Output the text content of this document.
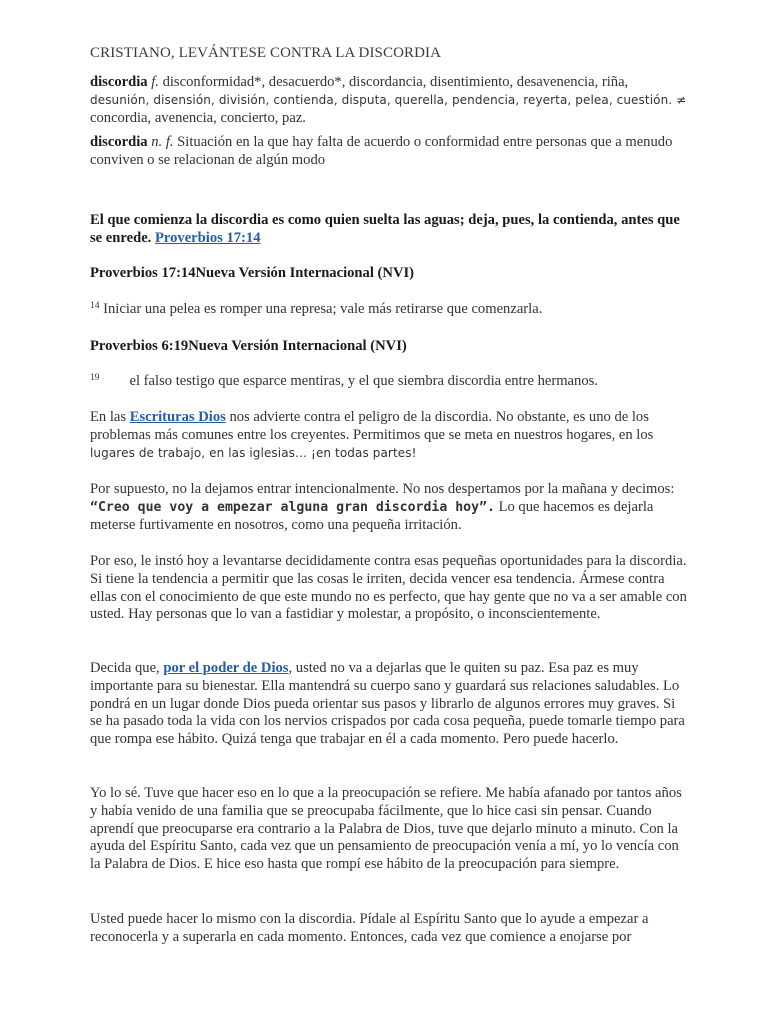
CRISTIANO, LEVÁNTESE CONTRA LA DISCORDIA

discordia f. disconformidad*, desacuerdo*, discordancia, disentimiento, desavenencia, riña,
desunión, disensión, división, contienda, disputa, querella, pendencia, reyerta, pelea, cuestión. ≠
concordia, avenencia, concierto, paz.

discordia n. f. Situación en la que hay falta de acuerdo o conformidad entre personas que a menudo conviven o se relacionan de algún modo

El que comienza la discordia es como quien suelta las aguas; deja, pues, la contienda, antes que se enrede. Proverbios 17:14

Proverbios 17:14Nueva Versión Internacional (NVI)

$^{14}$ Iniciar una pelea es romper una represa; vale más retirarse que comenzarla.

Proverbios 6:19Nueva Versión Internacional (NVI)

$^{19}$ el falso testigo que esparce mentiras, y el que siembra discordia entre hermanos.

En las Escrituras Dios nos advierte contra el peligro de la discordia. No obstante, es uno de los problemas más comunes entre los creyentes. Permitimos que se meta en nuestros hogares, en los lugares de trabajo, en las iglesias… ¡en todas partes!

Por supuesto, no la dejamos entrar intencionalmente. No nos despertamos por la mañana y decimos: “Creo que voy a empezar alguna gran discordia hoy”. Lo que hacemos es dejarla meterse furtivamente en nosotros, como una pequeña irritación.

Por eso, le instó hoy a levantarse decididamente contra esas pequeñas oportunidades para la discordia. Si tiene la tendencia a permitir que las cosas le irriten, decida vencer esa tendencia. Ármese contra ellas con el conocimiento de que este mundo no es perfecto, que hay gente que no va a ser amable con usted. Hay personas que lo van a fastidiar y molestar, a propósito, o inconscientemente.

Decida que, por el poder de Dios, usted no va a dejarlas que le quiten su paz. Esa paz es muy importante para su bienestar. Ella mantendrá su cuerpo sano y guardará sus relaciones saludables. Lo pondrá en un lugar donde Dios pueda orientar sus pasos y librarlo de algunos errores muy graves. Si se ha pasado toda la vida con los nervios crispados por cada cosa pequeña, puede tomarle tiempo para que rompa ese hábito. Quizá tenga que trabajar en él a cada momento. Pero puede hacerlo.

Yo lo sé. Tuve que hacer eso en lo que a la preocupación se refiere. Me había afanado por tantos años y había venido de una familia que se preocupaba fácilmente, que lo hice casi sin pensar. Cuando aprendí que preocuparse era contrario a la Palabra de Dios, tuve que dejarlo minuto a minuto. Con la ayuda del Espíritu Santo, cada vez que un pensamiento de preocupación venía a mí, yo lo vencía con la Palabra de Dios. E hice eso hasta que rompí ese hábito de la preocupación para siempre.

Usted puede hacer lo mismo con la discordia. Pídale al Espíritu Santo que lo ayude a empezar a reconocerla y a superarla en cada momento. Entonces, cada vez que comience a enojarse por
